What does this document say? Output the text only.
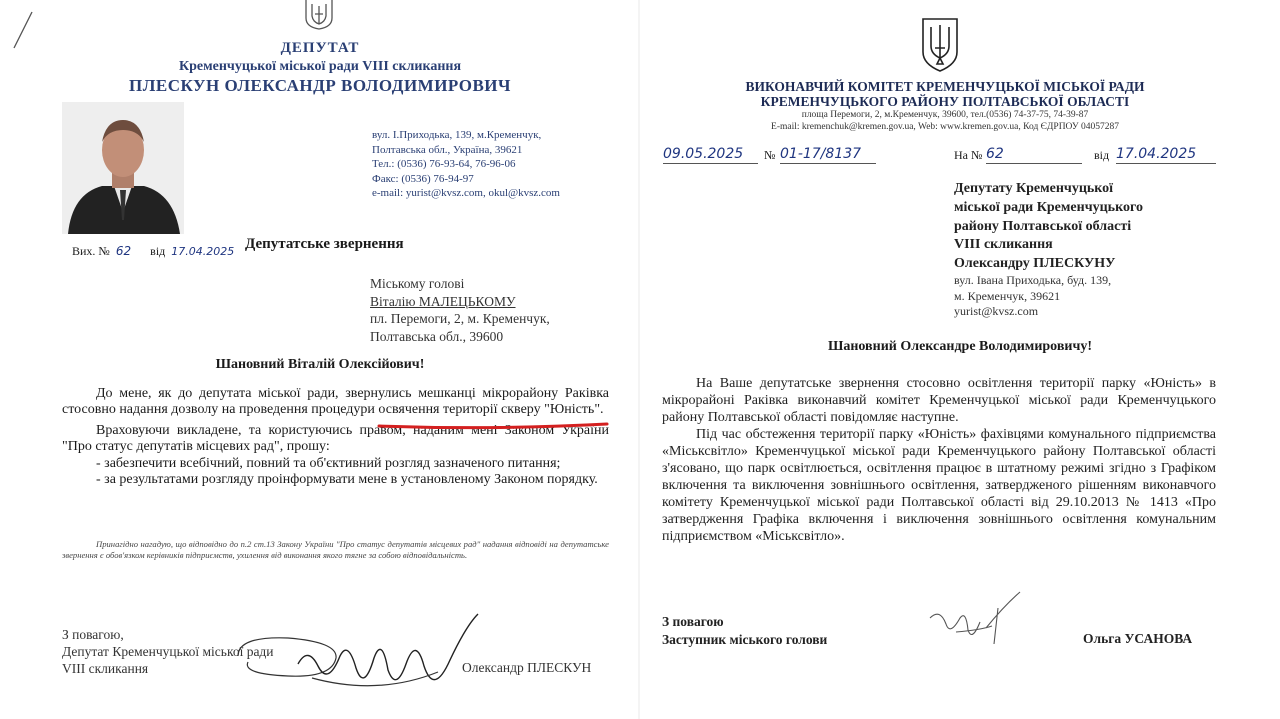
ДЕПУТАТ
Кременчуцької міської ради VIII скликання
ПЛЕСКУН ОЛЕКСАНДР ВОЛОДИМИРОВИЧ
вул. І.Приходька, 139, м.Кременчук,
Полтавська обл., Україна, 39621
Тел.: (0536) 76-93-64, 76-96-06
Факс: (0536) 76-94-97
e-mail: yurist@kvsz.com, okul@kvsz.com
Вих. № 62 від 17.04.2025 Депутатське звернення
Міському голові
Віталію МАЛЕЦЬКОМУ
пл. Перемоги, 2, м. Кременчук,
Полтавська обл., 39600
Шановний Віталій Олексійович!

До мене, як до депутата міської ради, звернулись мешканці мікрорайону Раківка стосовно надання дозволу на проведення процедури освячення території скверу "Юність".

Враховуючи викладене, та користуючись правом, наданим мені Законом України "Про статус депутатів місцевих рад", прошу:

- забезпечити всебічний, повний та об'єктивний розгляд зазначеного питання;

- за результатами розгляду проінформувати мене в установленому Законом порядку.

Принагідно нагадую, що відповідно до п.2 ст.13 Закону України "Про статус депутатів місцевих рад" надання відповіді на депутатське звернення є обов'язком керівників підприємств, ухилення від виконання якого тягне за собою відповідальність.
З повагою,
Депутат Кременчуцької міської ради
VIII скликання	Олександр ПЛЕСКУН
ВИКОНАВЧИЙ КОМІТЕТ КРЕМЕНЧУЦЬКОЇ МІСЬКОЇ РАДИ
КРЕМЕНЧУЦЬКОГО РАЙОНУ ПОЛТАВСЬКОЇ ОБЛАСТІ
площа Перемоги, 2, м.Кременчук, 39600, тел.(0536) 74-37-75, 74-39-87
E-mail: kremenchuk@kremen.gov.ua, Web: www.kremen.gov.ua, Код ЄДРПОУ 04057287
09.05.2025	№ 01-17/8137	На № 62	від 17.04.2025
Депутату Кременчуцької
міської ради Кременчуцького
району Полтавської області
VIII скликання
Олександру ПЛЕСКУНУ
вул. Івана Приходька, буд. 139,
м. Кременчук, 39621
yurist@kvsz.com
Шановний Олександре Володимировичу!

На Ваше депутатське звернення стосовно освітлення території парку «Юність» в мікрорайоні Раківка виконавчий комітет Кременчуцької міської ради Кременчуцького району Полтавської області повідомляє наступне.

Під час обстеження території парку «Юність» фахівцями комунального підприємства «Міськсвітло» Кременчуцької міської ради Кременчуцького району Полтавської області з'ясовано, що парк освітлюється, освітлення працює в штатному режимі згідно з Графіком включення та виключення зовнішнього освітлення, затвердженого рішенням виконавчого комітету Кременчуцької міської ради Полтавської області від 29.10.2013 № 1413 «Про затвердження Графіка включення і виключення зовнішнього освітлення комунальним підприємством «Міськсвітло».

З повагою
Заступник міського голови	Ольга УСАНОВА
